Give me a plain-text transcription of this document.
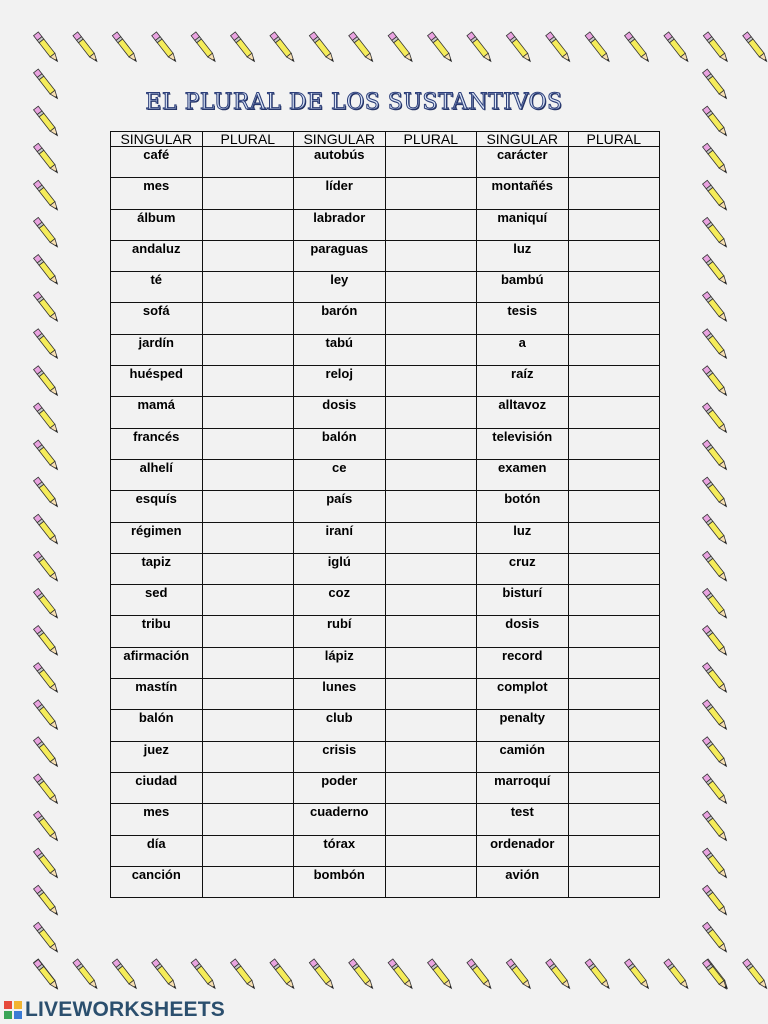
EL PLURAL DE LOS SUSTANTIVOS
SINGULAR	PLURAL	SINGULAR	PLURAL	SINGULAR	PLURAL
café		autobús		carácter	
mes		líder		montañés	
álbum		labrador		maniquí	
andaluz		paraguas		luz	
té		ley		bambú	
sofá		barón		tesis	
jardín		tabú		a	
huésped		reloj		raíz	
mamá		dosis		alltavoz	
francés		balón		televisión	
alhelí		ce		examen	
esquís		país		botón	
régimen		iraní		luz	
tapiz		iglú		cruz	
sed		coz		bisturí	
tribu		rubí		dosis	
afirmación		lápiz		record	
mastín		lunes		complot	
balón		club		penalty	
juez		crisis		camión	
ciudad		poder		marroquí	
mes		cuaderno		test	
día		tórax		ordenador	
canción		bombón		avión	
LIVEWORKSHEETS
